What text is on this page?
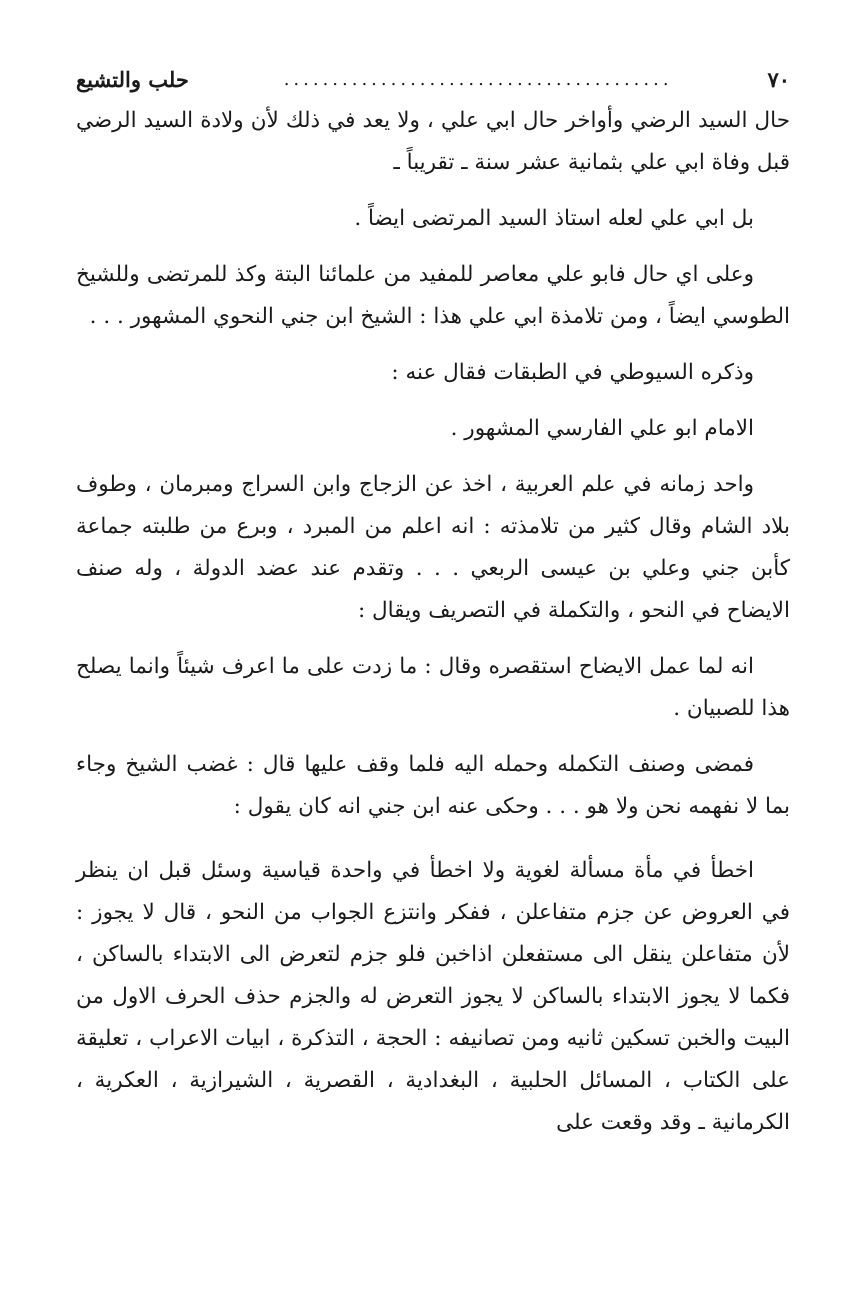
٧٠
........................................
حلب والتشيع

حال السيد الرضي وأواخر حال ابي علي ، ولا يعد في ذلك لأن ولادة السيد الرضي قبل وفاة ابي علي بثمانية عشر سنة ـ تقريباً ـ

بل ابي علي لعله استاذ السيد المرتضى ايضاً .

وعلى اي حال فابو علي معاصر للمفيد من علمائنا البتة وكذ للمرتضى وللشيخ الطوسي ايضاً ، ومن تلامذة ابي علي هذا : الشيخ ابن جني النحوي المشهور . . .

وذكره السيوطي في الطبقات فقال عنه :

الامام ابو علي الفارسي المشهور .

واحد زمانه في علم العربية ، اخذ عن الزجاج وابن السراج ومبرمان ، وطوف بلاد الشام وقال كثير من تلامذته : انه اعلم من المبرد ، وبرع من طلبته جماعة كأبن جني وعلي بن عيسى الربعي . . . وتقدم عند عضد الدولة ، وله صنف الايضاح في النحو ، والتكملة في التصريف ويقال :

انه لما عمل الايضاح استقصره وقال : ما زدت على ما اعرف شيئاً وانما يصلح هذا للصبيان .

فمضى وصنف التكمله وحمله اليه فلما وقف عليها قال : غضب الشيخ وجاء بما لا نفهمه نحن ولا هو . . . وحكى عنه ابن جني انه كان يقول :

اخطأ في مأة مسألة لغوية ولا اخطأ في واحدة قياسية وسئل قبل ان ينظر في العروض عن جزم متفاعلن ، ففكر وانتزع الجواب من النحو ، قال لا يجوز : لأن متفاعلن ينقل الى مستفعلن اذاخبن فلو جزم لتعرض الى الابتداء بالساكن ، فكما لا يجوز الابتداء بالساكن لا يجوز التعرض له والجزم حذف الحرف الاول من البيت والخبن تسكين ثانيه ومن تصانيفه : الحجة ، التذكرة ، ابيات الاعراب ، تعليقة على الكتاب ، المسائل الحلبية ، البغدادية ، القصرية ، الشيرازية ، العكرية ، الكرمانية ـ وقد وقعت على
